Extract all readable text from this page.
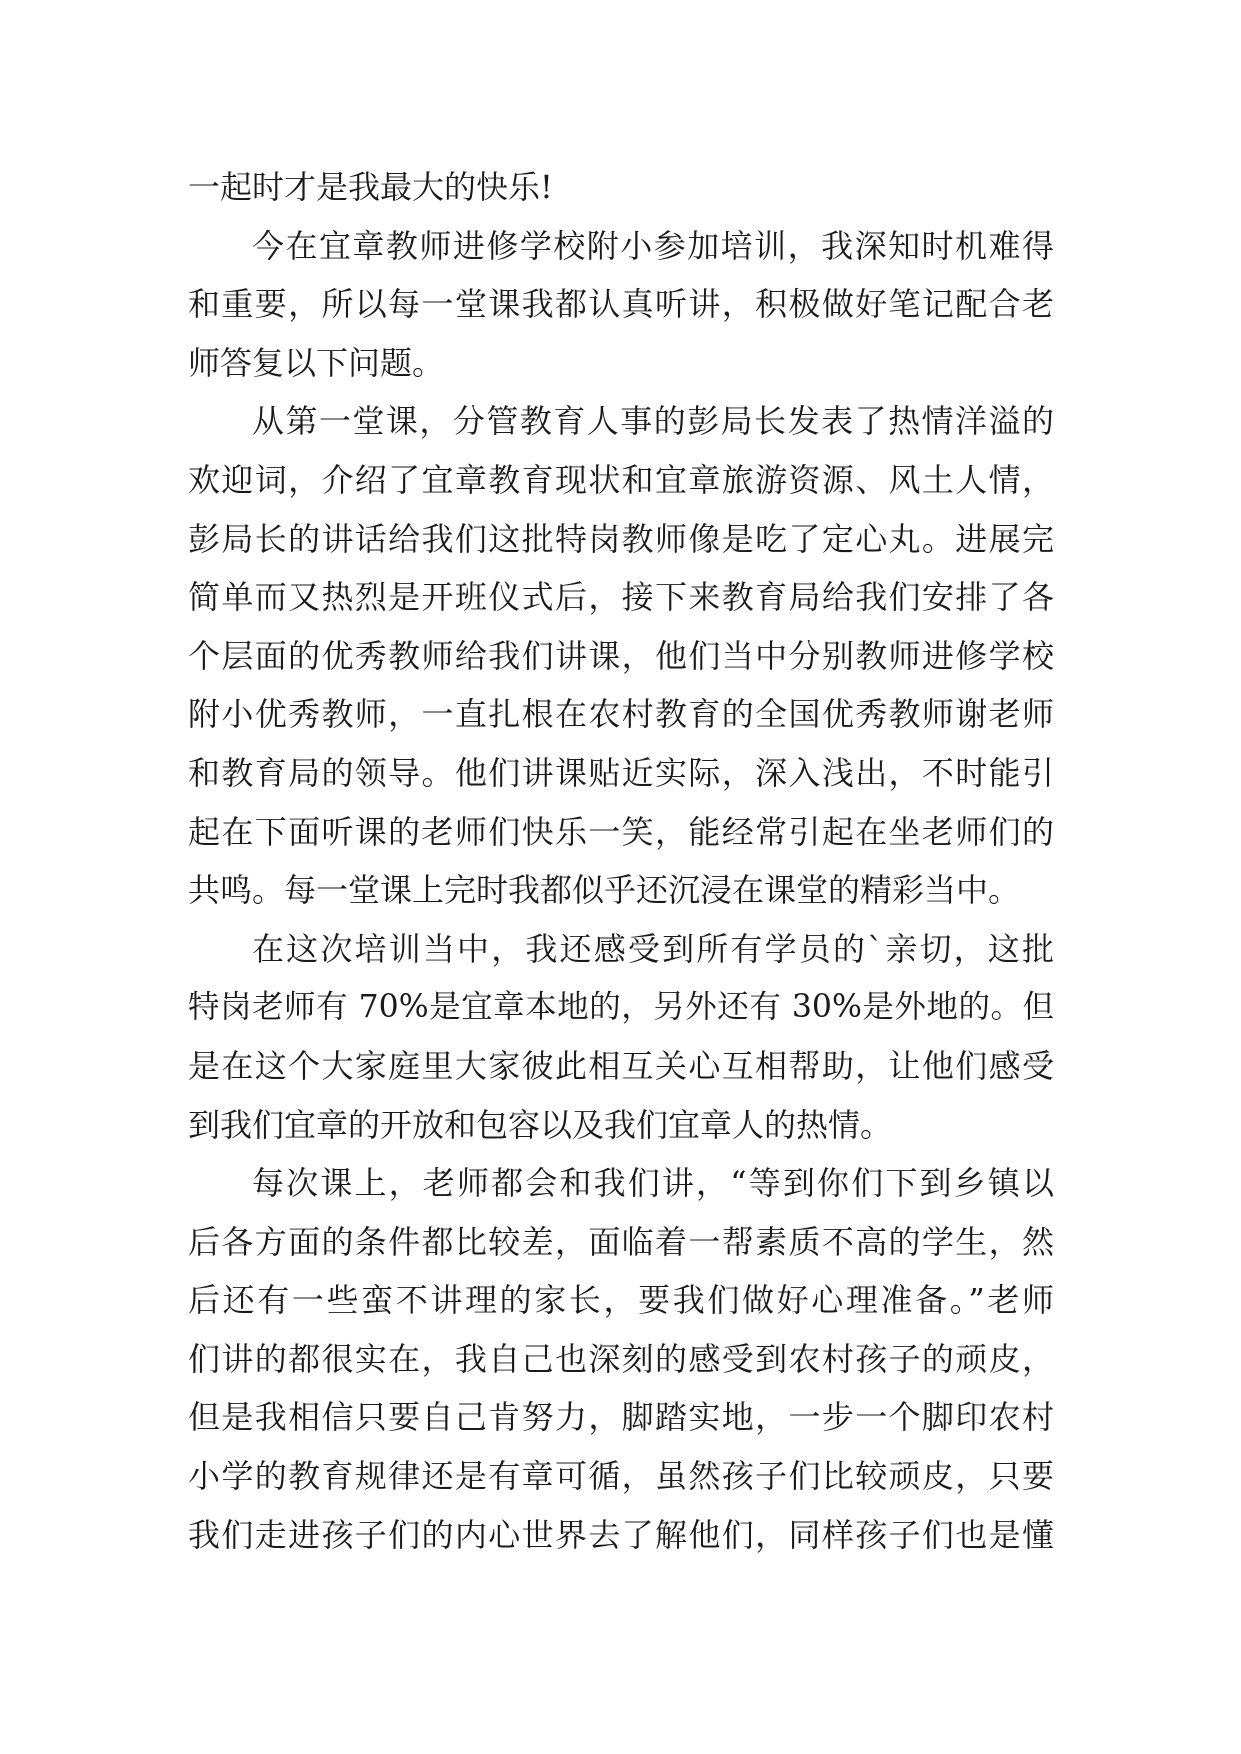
一起时才是我最大的快乐!
今在宜章教师进修学校附小参加培训，我深知时机难得
和重要，所以每一堂课我都认真听讲，积极做好笔记配合老
师答复以下问题。
从第一堂课，分管教育人事的彭局长发表了热情洋溢的
欢迎词，介绍了宜章教育现状和宜章旅游资源、风土人情，
彭局长的讲话给我们这批特岗教师像是吃了定心丸。进展完
简单而又热烈是开班仪式后，接下来教育局给我们安排了各
个层面的优秀教师给我们讲课，他们当中分别教师进修学校
附小优秀教师，一直扎根在农村教育的全国优秀教师谢老师
和教育局的领导。他们讲课贴近实际，深入浅出，不时能引
起在下面听课的老师们快乐一笑，能经常引起在坐老师们的
共鸣。每一堂课上完时我都似乎还沉浸在课堂的精彩当中。
在这次培训当中，我还感受到所有学员的`亲切，这批
特岗老师有 70%是宜章本地的，另外还有 30%是外地的。但
是在这个大家庭里大家彼此相互关心互相帮助，让他们感受
到我们宜章的开放和包容以及我们宜章人的热情。
每次课上，老师都会和我们讲，“等到你们下到乡镇以
后各方面的条件都比较差，面临着一帮素质不高的学生，然
后还有一些蛮不讲理的家长，要我们做好心理准备。”老师
们讲的都很实在，我自己也深刻的感受到农村孩子的顽皮，
但是我相信只要自己肯努力，脚踏实地，一步一个脚印农村
小学的教育规律还是有章可循，虽然孩子们比较顽皮，只要
我们走进孩子们的内心世界去了解他们，同样孩子们也是懂
